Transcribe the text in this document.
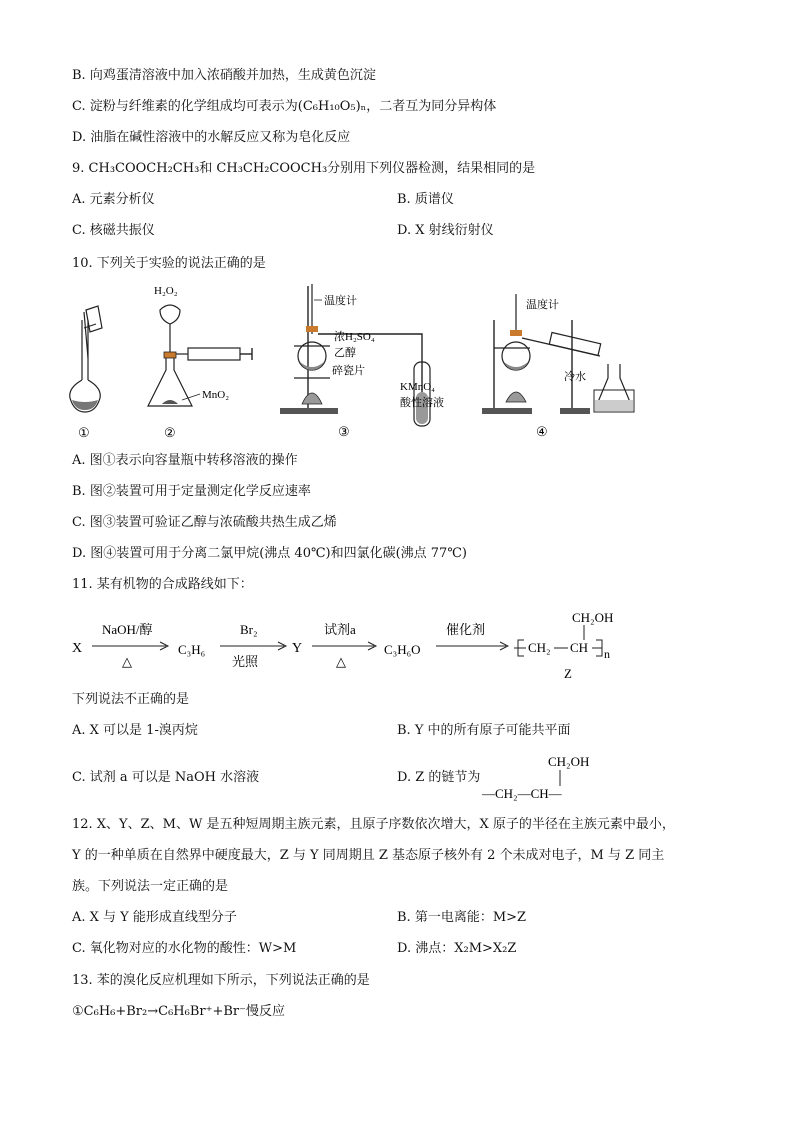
B. 向鸡蛋清溶液中加入浓硝酸并加热，生成黄色沉淀
C. 淀粉与纤维素的化学组成均可表示为(C₆H₁₀O₅)ₙ，二者互为同分异构体
D. 油脂在碱性溶液中的水解反应又称为皂化反应
9. CH₃COOCH₂CH₃和 CH₃CH₂COOCH₃分别用下列仪器检测，结果相同的是
A. 元素分析仪	B. 质谱仪
C. 核磁共振仪	D. X 射线衍射仪
10. 下列关于实验的说法正确的是
①
H₂O₂
MnO₂
②
温度计
浓H₂SO₄
乙醇
碎瓷片
KMnO₄
酸性溶液
③
温度计
冷水
④
A. 图①表示向容量瓶中转移溶液的操作
B. 图②装置可用于定量测定化学反应速率
C. 图③装置可验证乙醇与浓硫酸共热生成乙烯
D. 图④装置可用于分离二氯甲烷(沸点 40℃)和四氯化碳(沸点 77℃)
11. 某有机物的合成路线如下：
X
NaOH/醇
△
C₃H₆
Br₂
光照
Y
试剂a
△
C₃H₆O
催化剂
CH₂OH
CH₂ CH n
Z
下列说法不正确的是
A. X 可以是 1-溴丙烷	B. Y 中的所有原子可能共平面
C. 试剂 a 可以是 NaOH 水溶液	D. Z 的链节为
CH₂OH
—CH₂—CH—
12. X、Y、Z、M、W 是五种短周期主族元素，且原子序数依次增大，X 原子的半径在主族元素中最小，
Y 的一种单质在自然界中硬度最大，Z 与 Y 同周期且 Z 基态原子核外有 2 个未成对电子，M 与 Z 同主
族。下列说法一定正确的是
A. X 与 Y 能形成直线型分子	B. 第一电离能：M>Z
C. 氧化物对应的水化物的酸性：W>M	D. 沸点：X₂M>X₂Z
13. 苯的溴化反应机理如下所示，下列说法正确的是
①C₆H₆+Br₂→C₆H₆Br⁺+Br⁻慢反应
